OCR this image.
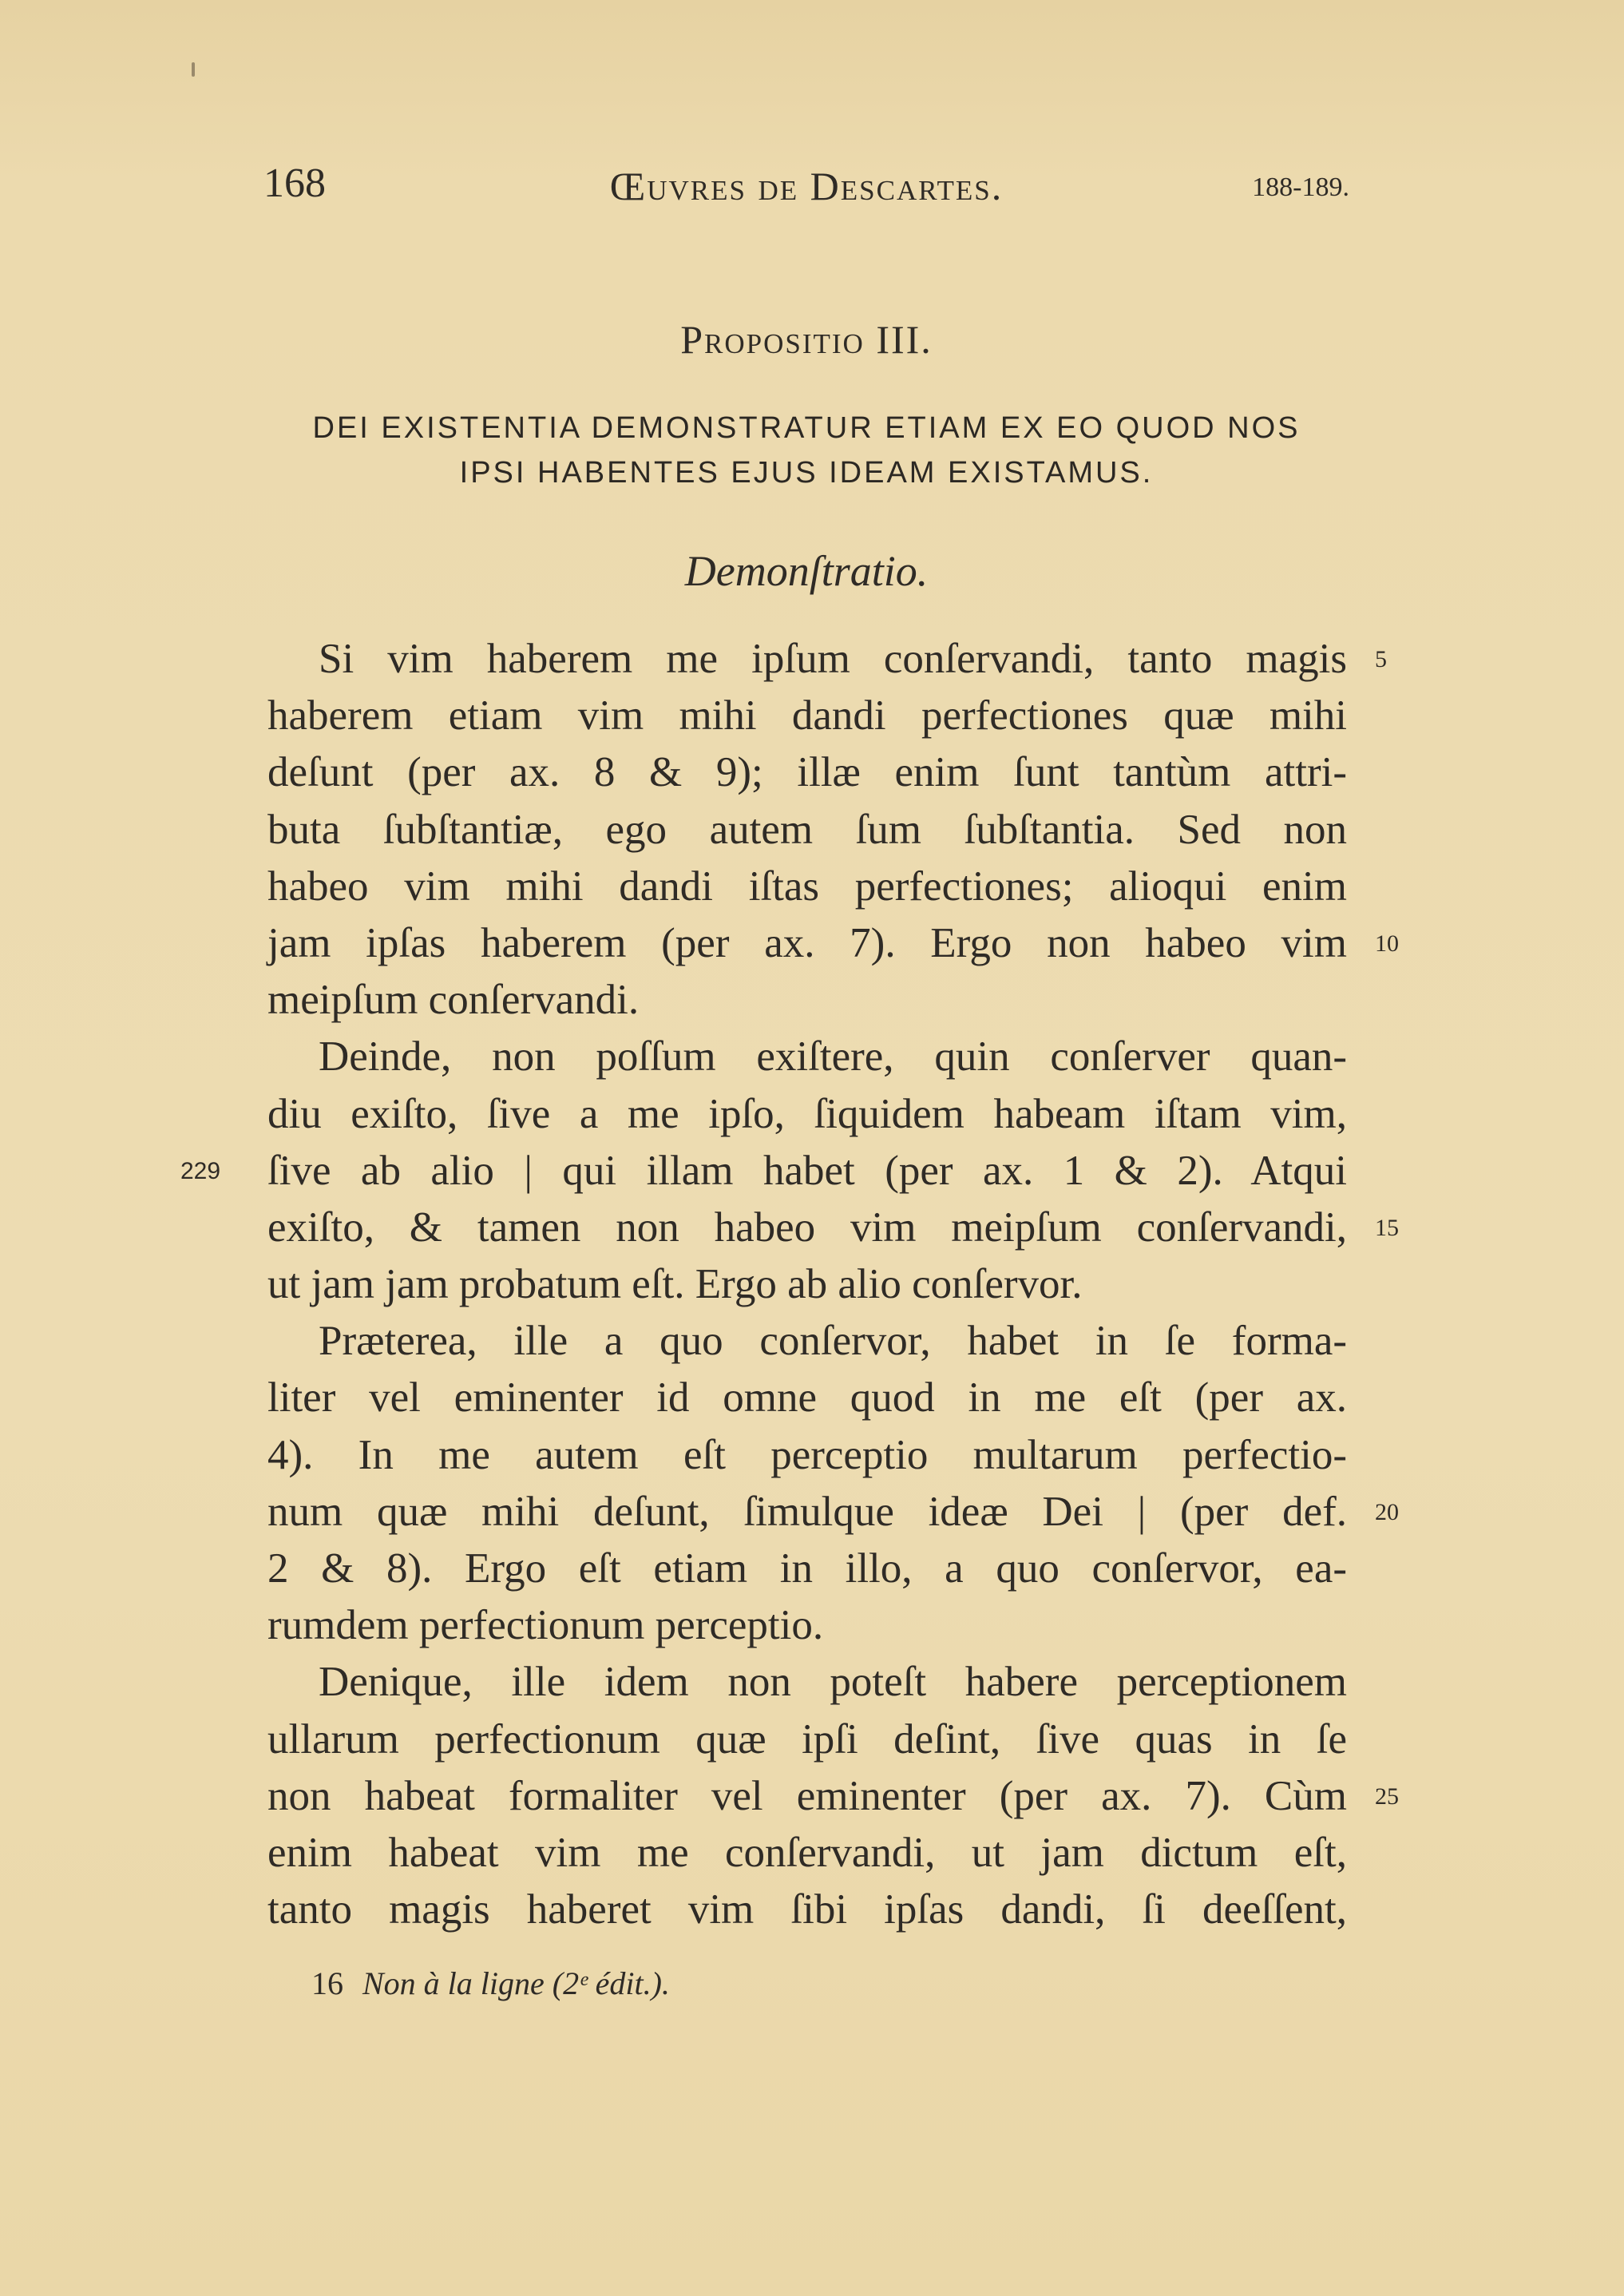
168	Œuvres de Descartes.	188-189.
Propositio III.
DEI EXISTENTIA DEMONSTRATUR ETIAM EX EO QUOD NOS
IPSI HABENTES EJUS IDEAM EXISTAMUS.
Demonſtratio.
Si vim haberem me ipſum conſervandi, tanto magis
haberem etiam vim mihi dandi perfectiones quæ mihi
deſunt (per ax. 8 & 9); illæ enim ſunt tantùm attri-
buta ſubſtantiæ, ego autem ſum ſubſtantia. Sed non
habeo vim mihi dandi iſtas perfectiones; alioqui enim
jam ipſas haberem (per ax. 7). Ergo non habeo vim
meipſum conſervandi.
Deinde, non poſſum exiſtere, quin conſerver quan-
diu exiſto, ſive a me ipſo, ſiquidem habeam iſtam vim,
ſive ab alio | qui illam habet (per ax. 1 & 2). Atqui
exiſto, & tamen non habeo vim meipſum conſervandi,
ut jam jam probatum eſt. Ergo ab alio conſervor.
Præterea, ille a quo conſervor, habet in ſe forma-
liter vel eminenter id omne quod in me eſt (per ax.
4). In me autem eſt perceptio multarum perfectio-
num quæ mihi deſunt, ſimulque ideæ Dei | (per def.
2 & 8). Ergo eſt etiam in illo, a quo conſervor, ea-
rumdem perfectionum perceptio.
Denique, ille idem non poteſt habere perceptionem
ullarum perfectionum quæ ipſi deſint, ſive quas in ſe
non habeat formaliter vel eminenter (per ax. 7). Cùm
enim habeat vim me conſervandi, ut jam dictum eſt,
tanto magis haberet vim ſibi ipſas dandi, ſi deeſſent,
5
10
15
20
25
229
16 Non à la ligne (2ᵉ édit.).
